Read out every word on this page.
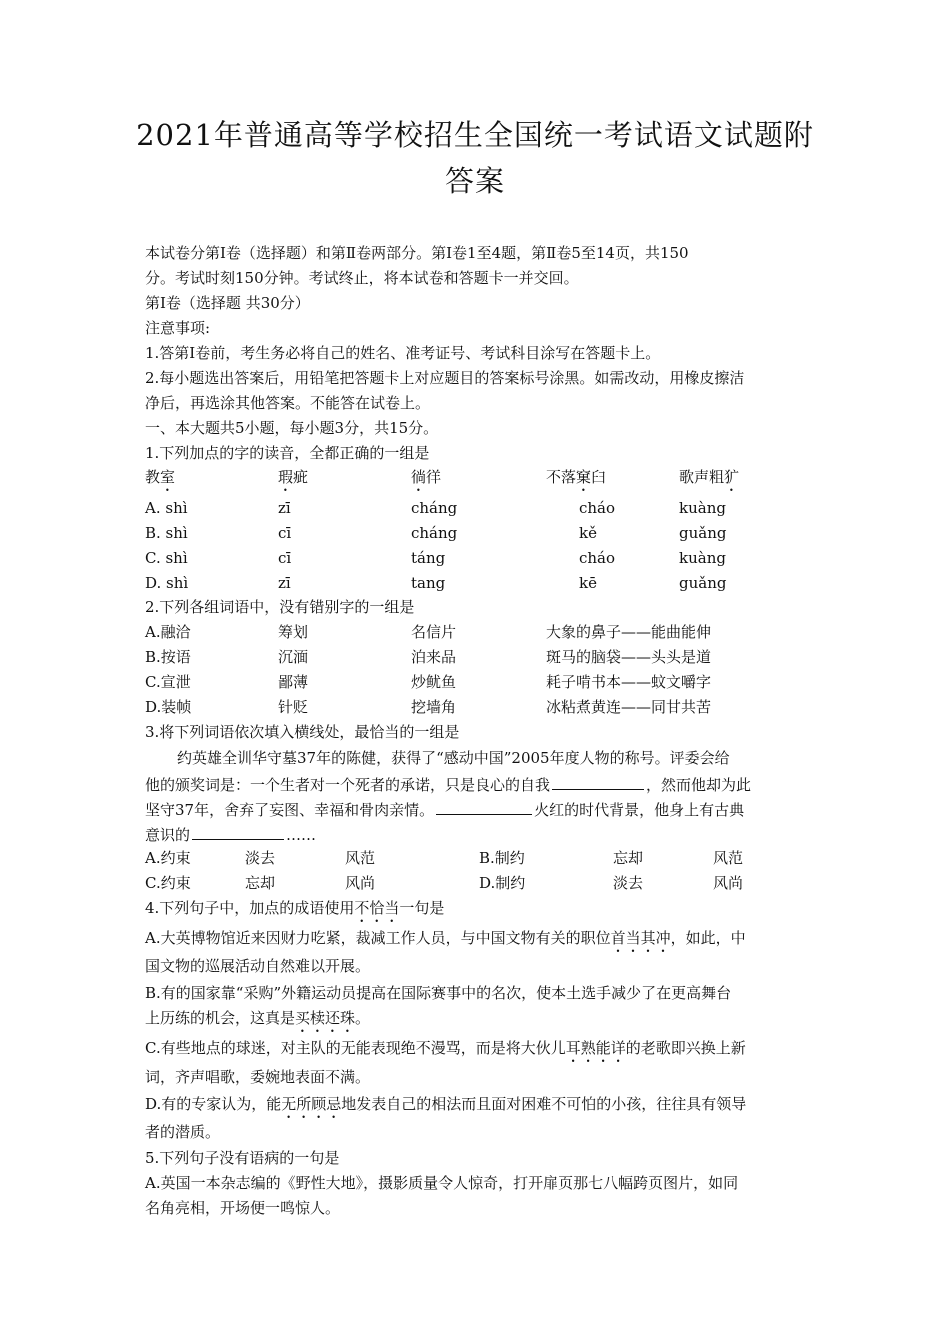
2021年普通高等学校招生全国统一考试语文试题附
答案
本试卷分第Ⅰ卷（选择题）和第Ⅱ卷两部分。第Ⅰ卷1至4题，第Ⅱ卷5至14页，共150
分。考试时刻150分钟。考试终止，将本试卷和答题卡一并交回。
第Ⅰ卷（选择题 共30分）
注意事项:
1.答第Ⅰ卷前，考生务必将自己的姓名、准考证号、考试科目涂写在答题卡上。
2.每小题选出答案后，用铅笔把答题卡上对应题目的答案标号涂黑。如需改动，用橡皮擦洁
净后，再选涂其他答案。不能答在试卷上。
一、本大题共5小题，每小题3分，共15分。
1.下列加点的字的读音，全都正确的一组是
教室	瑕疵	徜徉	不落窠臼	歌声粗犷
A. shì	zī	cháng	cháo	kuàng
B. shì	cī	cháng	kě	guǎng
C. shì	cī	táng	cháo	kuàng
D. shì	zī	tang	kē	guǎng
2.下列各组词语中，没有错别字的一组是
A.融洽	筹划	名信片	大象的鼻子——能曲能伸
B.按语	沉湎	泊来品	斑马的脑袋——头头是道
C.宣泄	鄙薄	炒鱿鱼	耗子啃书本——蚊文嚼字
D.装帧	针贬	挖墙角	冰粘煮黄连——同甘共苦
3.将下列词语依次填入横线处，最恰当的一组是
约英雄全训华守墓37年的陈健，获得了“感动中国”2005年度人物的称号。评委会给
他的颁奖词是：一个生者对一个死者的承诺，只是良心的自我	，然而他却为此
坚守37年，舍弃了妄图、幸福和骨肉亲情。	火红的时代背景，他身上有古典
意识的	……
A.约束	淡去	风范	B.制约	忘却	风范
C.约束	忘却	风尚	D.制约	淡去	风尚
4.下列句子中，加点的成语使用不恰当一句是
A.大英博物馆近来因财力吃紧，裁减工作人员，与中国文物有关的职位首当其冲，如此，中
国文物的巡展活动自然难以开展。
B.有的国家靠“采购”外籍运动员提高在国际赛事中的名次，使本土选手减少了在更高舞台
上历练的机会，这真是买椟还珠。
C.有些地点的球迷，对主队的无能表现绝不漫骂，而是将大伙儿耳熟能详的老歌即兴换上新
词，齐声唱歌，委婉地表面不满。
D.有的专家认为，能无所顾忌地发表自己的相法而且面对困难不可怕的小孩，往往具有领导
者的潜质。
5.下列句子没有语病的一句是
A.英国一本杂志编的《野性大地》，摄影质量令人惊奇，打开扉页那七八幅跨页图片，如同
名角亮相，开场便一鸣惊人。
